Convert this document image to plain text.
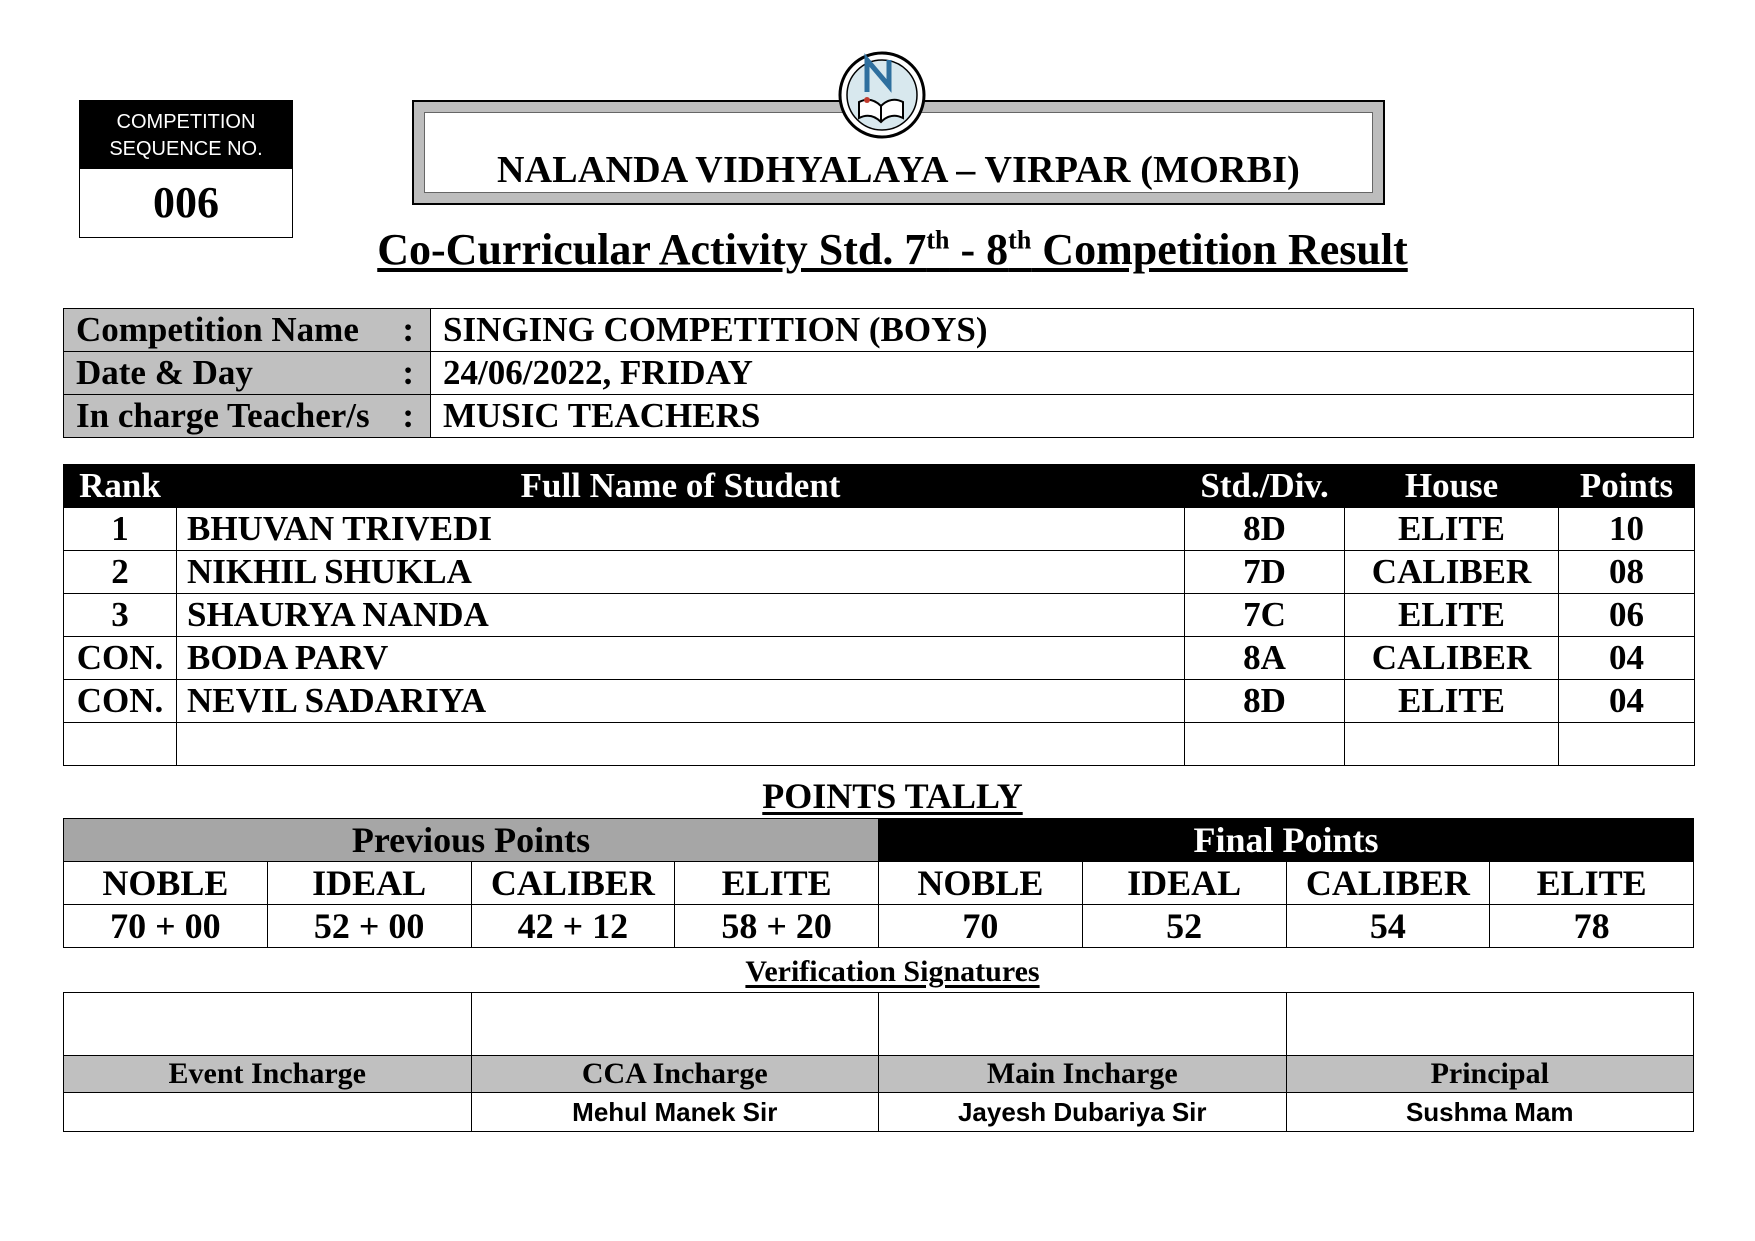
COMPETITION SEQUENCE NO.
006
NALANDA VIDHYALAYA – VIRPAR (MORBI)
Co-Curricular Activity Std. 7th - 8th Competition Result
Competition Name :	SINGING COMPETITION (BOYS)
Date & Day :	24/06/2022, FRIDAY
In charge Teacher/s :	MUSIC TEACHERS
Rank	Full Name of Student	Std./Div.	House	Points
1	BHUVAN TRIVEDI	8D	ELITE	10
2	NIKHIL SHUKLA	7D	CALIBER	08
3	SHAURYA NANDA	7C	ELITE	06
CON.	BODA PARV	8A	CALIBER	04
CON.	NEVIL SADARIYA	8D	ELITE	04

POINTS TALLY
Previous Points				Final Points			
NOBLE	IDEAL	CALIBER	ELITE	NOBLE	IDEAL	CALIBER	ELITE
70 + 00	52 + 00	42 + 12	58 + 20	70	52	54	78
Verification Signatures

Event Incharge	CCA Incharge	Main Incharge	Principal
	Mehul Manek Sir	Jayesh Dubariya Sir	Sushma Mam
